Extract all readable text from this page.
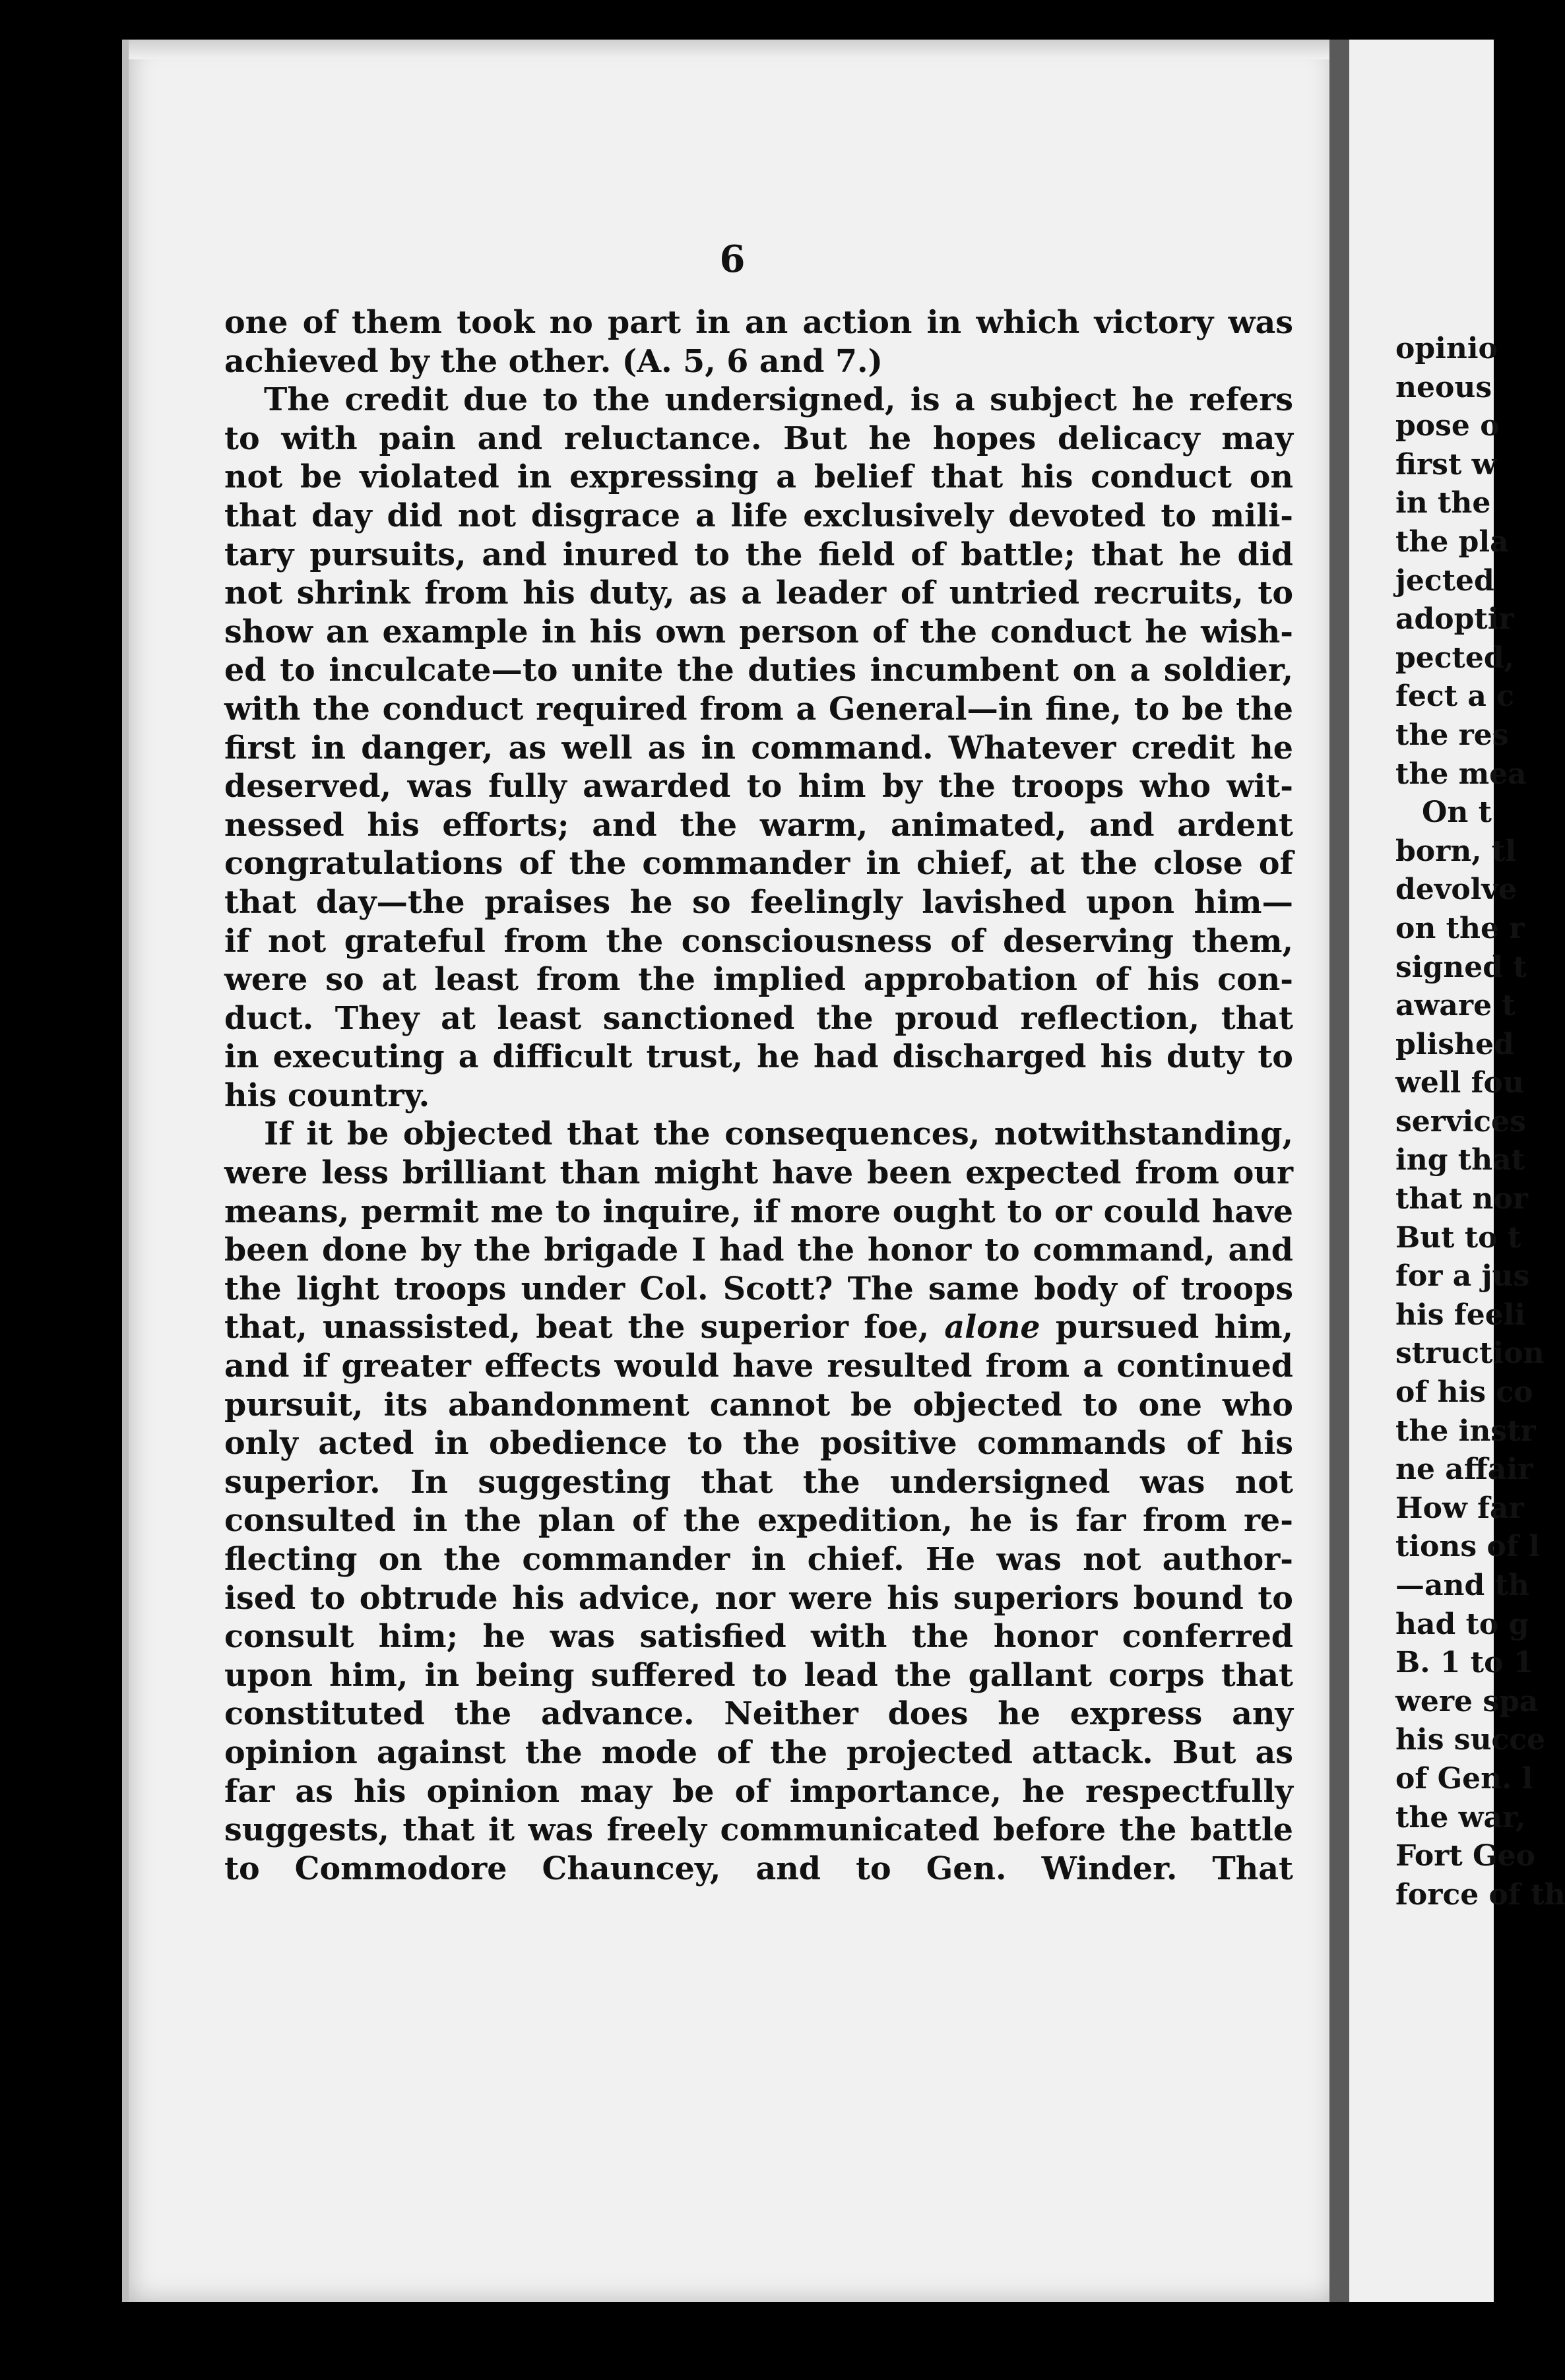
6
one of them took no part in an action in which victory was
achieved by the other. (A. 5, 6 and 7.)
The credit due to the undersigned, is a subject he refers
to with pain and reluctance. But he hopes delicacy may
not be violated in expressing a belief that his conduct on
that day did not disgrace a life exclusively devoted to mili-
tary pursuits, and inured to the field of battle; that he did
not shrink from his duty, as a leader of untried recruits, to
show an example in his own person of the conduct he wish-
ed to inculcate—to unite the duties incumbent on a soldier,
with the conduct required from a General—in fine, to be the
first in danger, as well as in command. Whatever credit he
deserved, was fully awarded to him by the troops who wit-
nessed his efforts; and the warm, animated, and ardent
congratulations of the commander in chief, at the close of
that day—the praises he so feelingly lavished upon him—
if not grateful from the consciousness of deserving them,
were so at least from the implied approbation of his con-
duct. They at least sanctioned the proud reflection, that
in executing a difficult trust, he had discharged his duty to
his country.
If it be objected that the consequences, notwithstanding,
were less brilliant than might have been expected from our
means, permit me to inquire, if more ought to or could have
been done by the brigade I had the honor to command, and
the light troops under Col. Scott? The same body of troops
that, unassisted, beat the superior foe, alone pursued him,
and if greater effects would have resulted from a continued
pursuit, its abandonment cannot be objected to one who
only acted in obedience to the positive commands of his
superior. In suggesting that the undersigned was not
consulted in the plan of the expedition, he is far from re-
flecting on the commander in chief. He was not author-
ised to obtrude his advice, nor were his superiors bound to
consult him; he was satisfied with the honor conferred
upon him, in being suffered to lead the gallant corps that
constituted the advance. Neither does he express any
opinion against the mode of the projected attack. But as
far as his opinion may be of importance, he respectfully
suggests, that it was freely communicated before the battle
to Commodore Chauncey, and to Gen. Winder. That
opinio
neous
pose o
first w
in the
the pla
jected
adoptir
pected,
fect a c
the res
the mea
On t
born, tl
devolve
on the r
signed t
aware t
plished
well fou
services
ing that
that nor
But to t
for a jus
his feeli
struction
of his co
the instr
ne affair
How far
tions of l
—and th
had to g
B. 1 to 1
were spa
his succe
of Gen. l
the war,
Fort Geo
force of th
